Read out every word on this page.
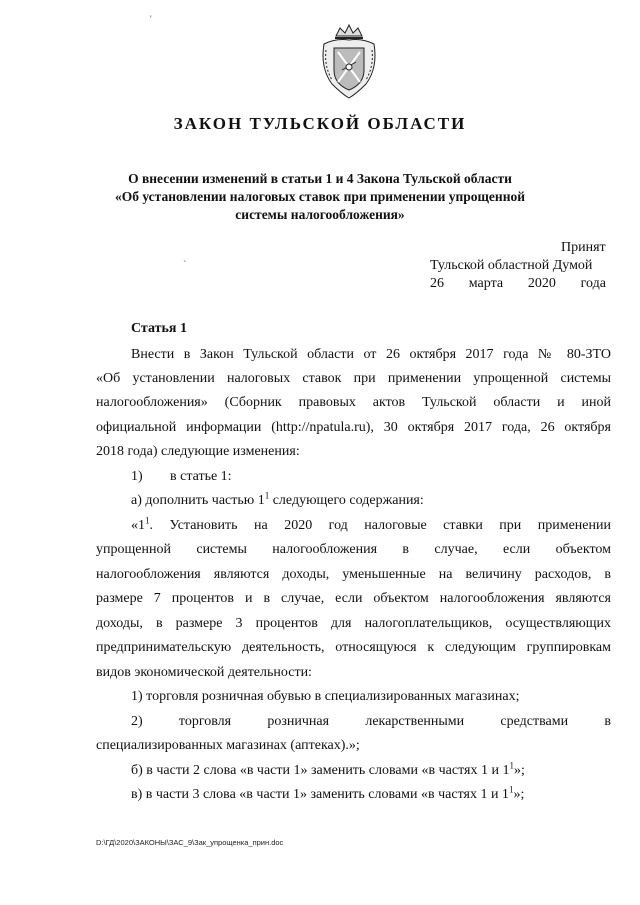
'
ЗАКОН ТУЛЬСКОЙ ОБЛАСТИ
О внесении изменений в статьи 1 и 4 Закона Тульской области
«Об установлении налоговых ставок при применении упрощенной
системы налогообложения»
ˋ
Принят
Тульской областной Думой
26 марта 2020 года
Статья 1
Внести в Закон Тульской области от 26 октября 2017 года № 80-ЗТО
«Об установлении налоговых ставок при применении упрощенной системы
налогообложения» (Сборник правовых актов Тульской области и иной
официальной информации (http://npatula.ru), 30 октября 2017 года, 26 октября
2018 года) следующие изменения:
1) в статье 1:
а) дополнить частью $1^1$ следующего содержания:
«$1^1$. Установить на 2020 год налоговые ставки при применении
упрощенной системы налогообложения в случае, если объектом
налогообложения являются доходы, уменьшенные на величину расходов, в
размере 7 процентов и в случае, если объектом налогообложения являются
доходы, в размере 3 процентов для налогоплательщиков, осуществляющих
предпринимательскую деятельность, относящуюся к следующим группировкам
видов экономической деятельности:
1) торговля розничная обувью в специализированных магазинах;
2) торговля розничная лекарственными средствами в
специализированных магазинах (аптеках).»;
б) в части 2 слова «в части 1» заменить словами «в частях 1 и $1^1$»;
в) в части 3 слова «в части 1» заменить словами «в частях 1 и $1^1$»;
D:\ГД\2020\ЗАКОНЫ\ЗАС_9\Зак_упрощенка_прин.doc
